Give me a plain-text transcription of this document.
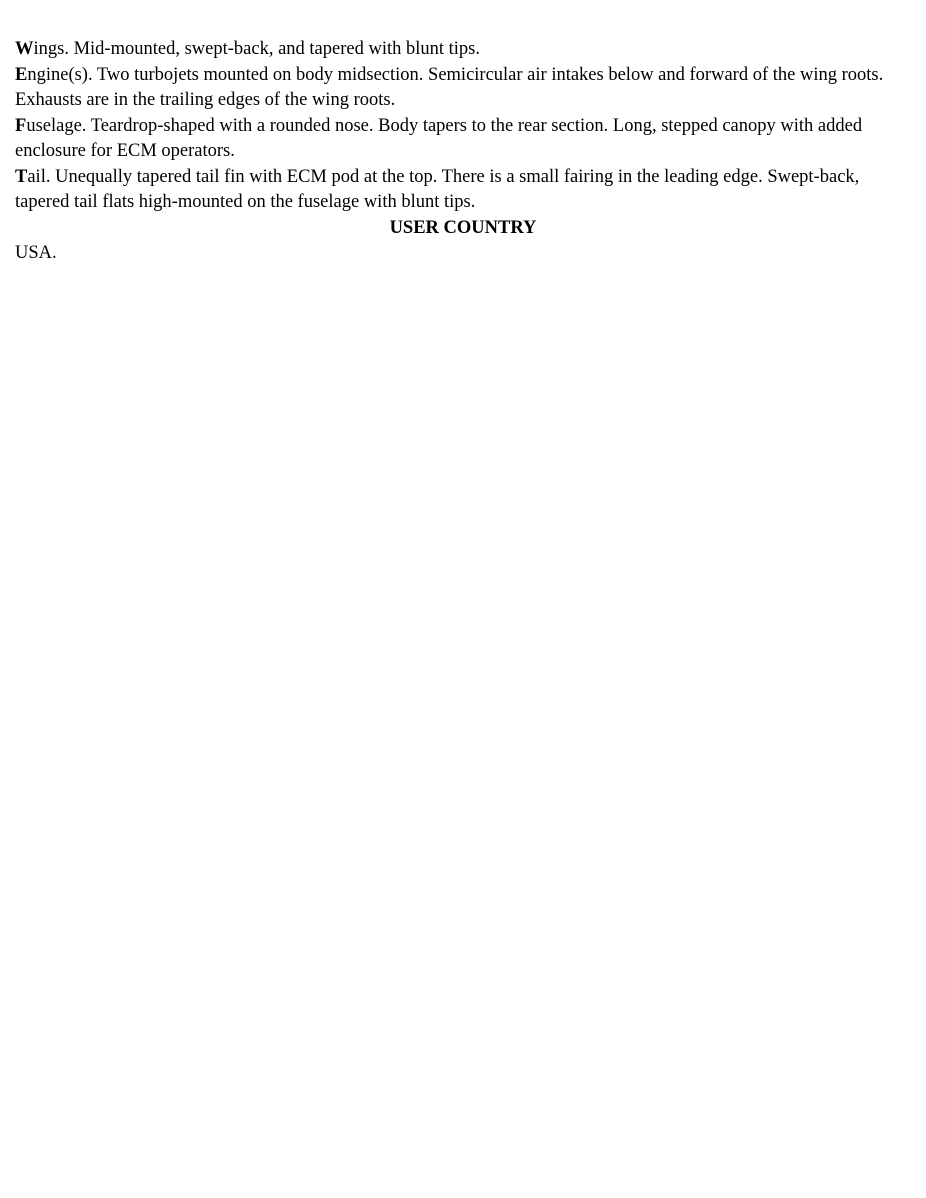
Wings. Mid-mounted, swept-back, and tapered with blunt tips.

Engine(s). Two turbojets mounted on body midsection. Semicircular air intakes below and forward of the wing roots. Exhausts are in the trailing edges of the wing roots.

Fuselage. Teardrop-shaped with a rounded nose. Body tapers to the rear section. Long, stepped canopy with added enclosure for ECM operators.

Tail. Unequally tapered tail fin with ECM pod at the top. There is a small fairing in the leading edge. Swept-back, tapered tail flats high-mounted on the fuselage with blunt tips.

USER COUNTRY

USA.
